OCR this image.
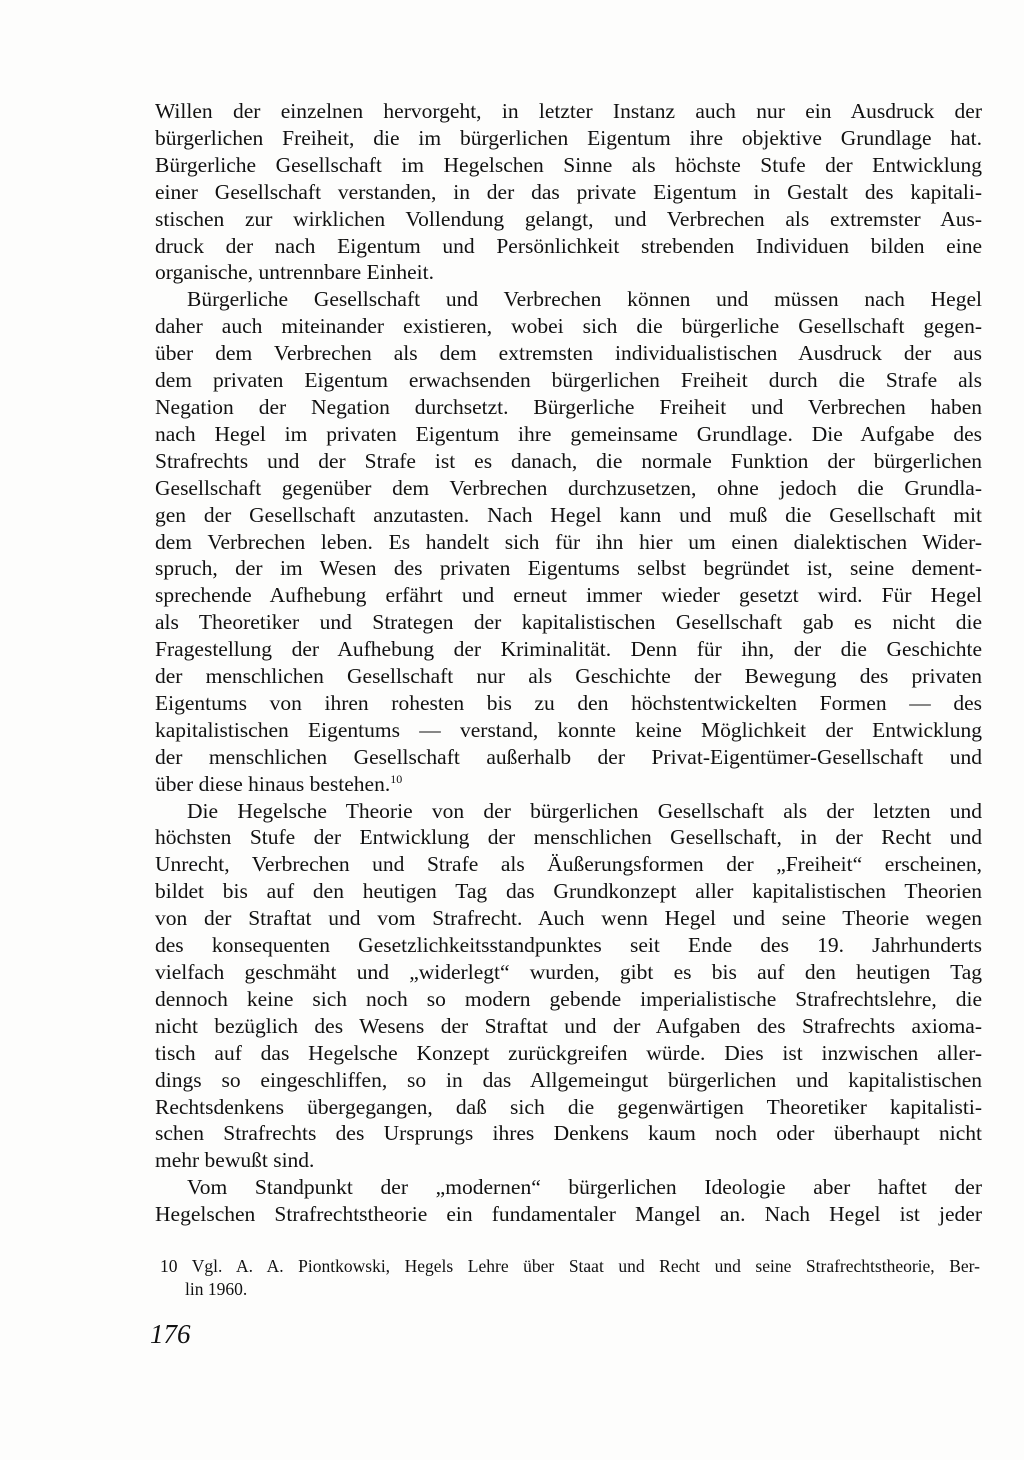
Willen der einzelnen hervorgeht, in letzter Instanz auch nur ein Ausdruck der
bürgerlichen Freiheit, die im bürgerlichen Eigentum ihre objektive Grundlage hat.
Bürgerliche Gesellschaft im Hegelschen Sinne als höchste Stufe der Entwicklung
einer Gesellschaft verstanden, in der das private Eigentum in Gestalt des kapitali-
stischen zur wirklichen Vollendung gelangt, und Verbrechen als extremster Aus-
druck der nach Eigentum und Persönlichkeit strebenden Individuen bilden eine
organische, untrennbare Einheit.
Bürgerliche Gesellschaft und Verbrechen können und müssen nach Hegel
daher auch miteinander existieren, wobei sich die bürgerliche Gesellschaft gegen-
über dem Verbrechen als dem extremsten individualistischen Ausdruck der aus
dem privaten Eigentum erwachsenden bürgerlichen Freiheit durch die Strafe als
Negation der Negation durchsetzt. Bürgerliche Freiheit und Verbrechen haben
nach Hegel im privaten Eigentum ihre gemeinsame Grundlage. Die Aufgabe des
Strafrechts und der Strafe ist es danach, die normale Funktion der bürgerlichen
Gesellschaft gegenüber dem Verbrechen durchzusetzen, ohne jedoch die Grundla-
gen der Gesellschaft anzutasten. Nach Hegel kann und muß die Gesellschaft mit
dem Verbrechen leben. Es handelt sich für ihn hier um einen dialektischen Wider-
spruch, der im Wesen des privaten Eigentums selbst begründet ist, seine dement-
sprechende Aufhebung erfährt und erneut immer wieder gesetzt wird. Für Hegel
als Theoretiker und Strategen der kapitalistischen Gesellschaft gab es nicht die
Fragestellung der Aufhebung der Kriminalität. Denn für ihn, der die Geschichte
der menschlichen Gesellschaft nur als Geschichte der Bewegung des privaten
Eigentums von ihren rohesten bis zu den höchstentwickelten Formen — des
kapitalistischen Eigentums — verstand, konnte keine Möglichkeit der Entwicklung
der menschlichen Gesellschaft außerhalb der Privat-Eigentümer-Gesellschaft und
über diese hinaus bestehen.$^{10}$
Die Hegelsche Theorie von der bürgerlichen Gesellschaft als der letzten und
höchsten Stufe der Entwicklung der menschlichen Gesellschaft, in der Recht und
Unrecht, Verbrechen und Strafe als Äußerungsformen der „Freiheit“ erscheinen,
bildet bis auf den heutigen Tag das Grundkonzept aller kapitalistischen Theorien
von der Straftat und vom Strafrecht. Auch wenn Hegel und seine Theorie wegen
des konsequenten Gesetzlichkeitsstandpunktes seit Ende des 19. Jahrhunderts
vielfach geschmäht und „widerlegt“ wurden, gibt es bis auf den heutigen Tag
dennoch keine sich noch so modern gebende imperialistische Strafrechtslehre, die
nicht bezüglich des Wesens der Straftat und der Aufgaben des Strafrechts axioma-
tisch auf das Hegelsche Konzept zurückgreifen würde. Dies ist inzwischen aller-
dings so eingeschliffen, so in das Allgemeingut bürgerlichen und kapitalistischen
Rechtsdenkens übergegangen, daß sich die gegenwärtigen Theoretiker kapitalisti-
schen Strafrechts des Ursprungs ihres Denkens kaum noch oder überhaupt nicht
mehr bewußt sind.
Vom Standpunkt der „modernen“ bürgerlichen Ideologie aber haftet der
Hegelschen Strafrechtstheorie ein fundamentaler Mangel an. Nach Hegel ist jeder
10 Vgl. A. A. Piontkowski, Hegels Lehre über Staat und Recht und seine Strafrechtstheorie, Ber-
lin 1960.
176
